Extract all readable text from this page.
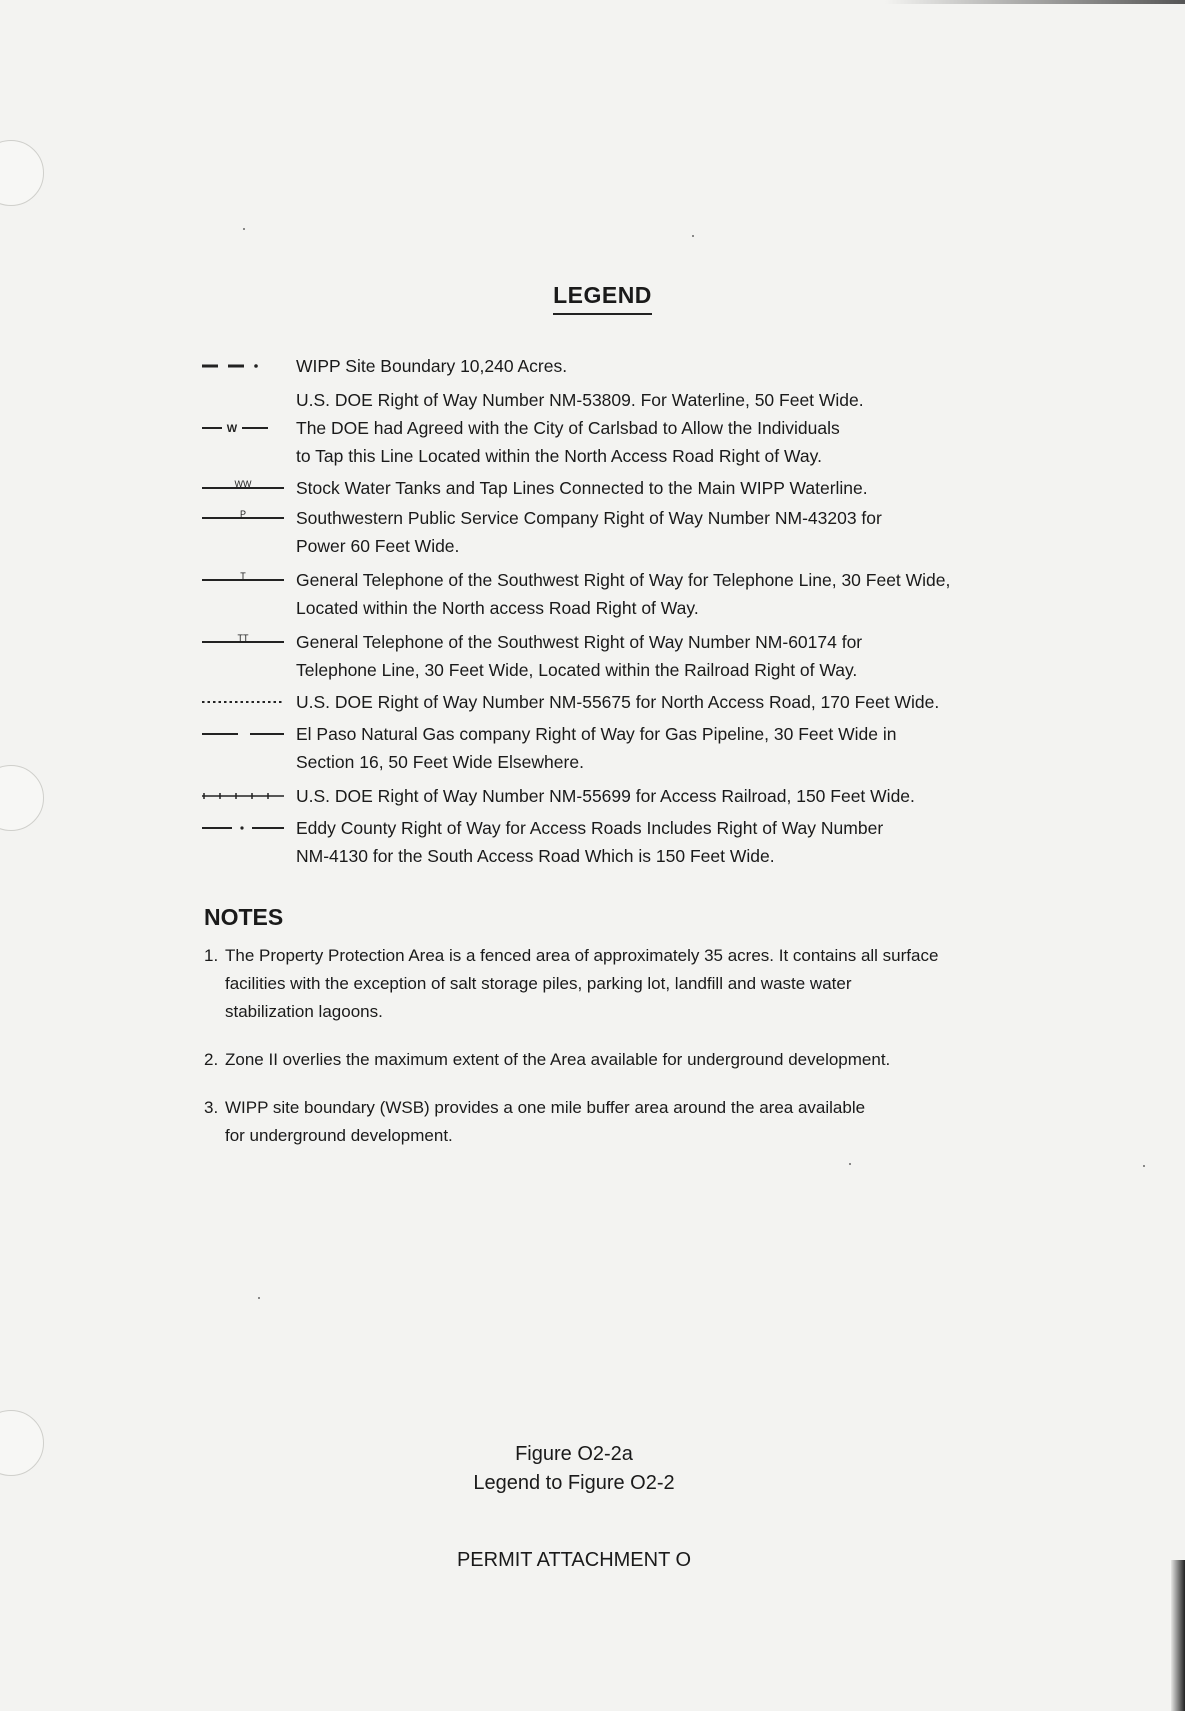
LEGEND
WIPP Site Boundary 10,240 Acres.
W
U.S. DOE Right of Way Number NM-53809. For Waterline, 50 Feet Wide.
The DOE had Agreed with the City of Carlsbad to Allow the Individuals
to Tap this Line Located within the North Access Road Right of Way.
WW	Stock Water Tanks and Tap Lines Connected to the Main WIPP Waterline.
P	Southwestern Public Service Company Right of Way Number NM-43203 for
Power 60 Feet Wide.
T	General Telephone of the Southwest Right of Way for Telephone Line, 30 Feet Wide,
Located within the North access Road Right of Way.
TT	General Telephone of the Southwest Right of Way Number NM-60174 for
Telephone Line, 30 Feet Wide, Located within the Railroad Right of Way.
U.S. DOE Right of Way Number NM-55675 for North Access Road, 170 Feet Wide.
El Paso Natural Gas company Right of Way for Gas Pipeline, 30 Feet Wide in
Section 16, 50 Feet Wide Elsewhere.
U.S. DOE Right of Way Number NM-55699 for Access Railroad, 150 Feet Wide.
Eddy County Right of Way for Access Roads Includes Right of Way Number
NM-4130 for the South Access Road Which is 150 Feet Wide.
NOTES
1. The Property Protection Area is a fenced area of approximately 35 acres. It contains all surface
facilities with the exception of salt storage piles, parking lot, landfill and waste water
stabilization lagoons.
2. Zone II overlies the maximum extent of the Area available for underground development.
3. WIPP site boundary (WSB) provides a one mile buffer area around the area available
for underground development.
Figure O2-2a
Legend to Figure O2-2
PERMIT ATTACHMENT O
